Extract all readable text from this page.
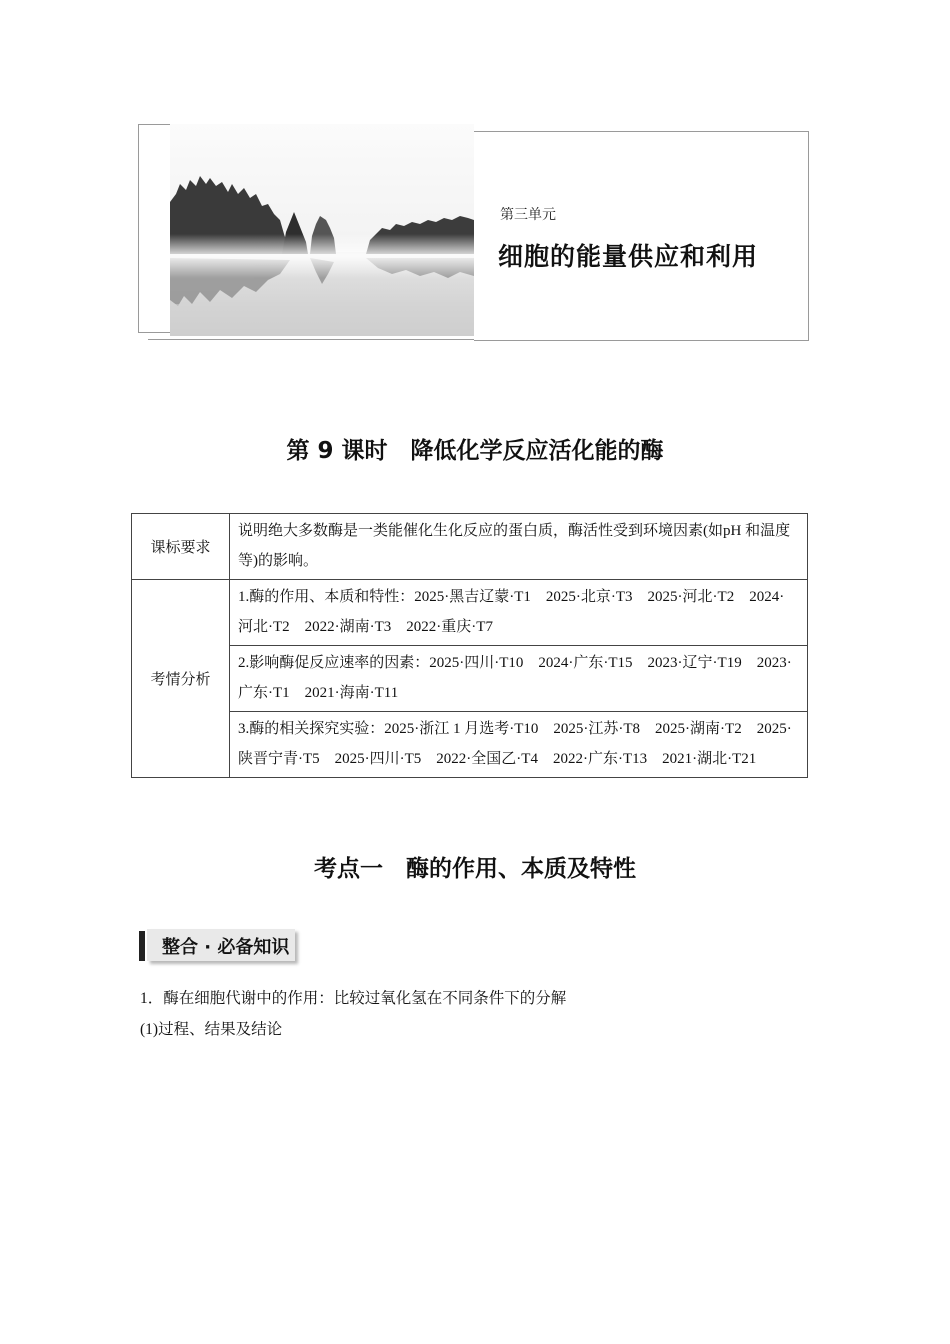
第三单元
细胞的能量供应和利用
第 9 课时　降低化学反应活化能的酶
课标要求	说明绝大多数酶是一类能催化生化反应的蛋白质，酶活性受到环境因素(如pH 和温度等)的影响。
考情分析	1.酶的作用、本质和特性：2025·黑吉辽蒙·T1　2025·北京·T3　2025·河北·T2　2024·河北·T2　2022·湖南·T3　2022·重庆·T7
	2.影响酶促反应速率的因素：2025·四川·T10　2024·广东·T15　2023·辽宁·T19　2023·广东·T1　2021·海南·T11
	3.酶的相关探究实验：2025·浙江 1 月选考·T10　2025·江苏·T8　2025·湖南·T2　2025·陕晋宁青·T5　2025·四川·T5　2022·全国乙·T4　2022·广东·T13　2021·湖北·T21
考点一　酶的作用、本质及特性
整合 · 必备知识
1．酶在细胞代谢中的作用：比较过氧化氢在不同条件下的分解
(1)过程、结果及结论
